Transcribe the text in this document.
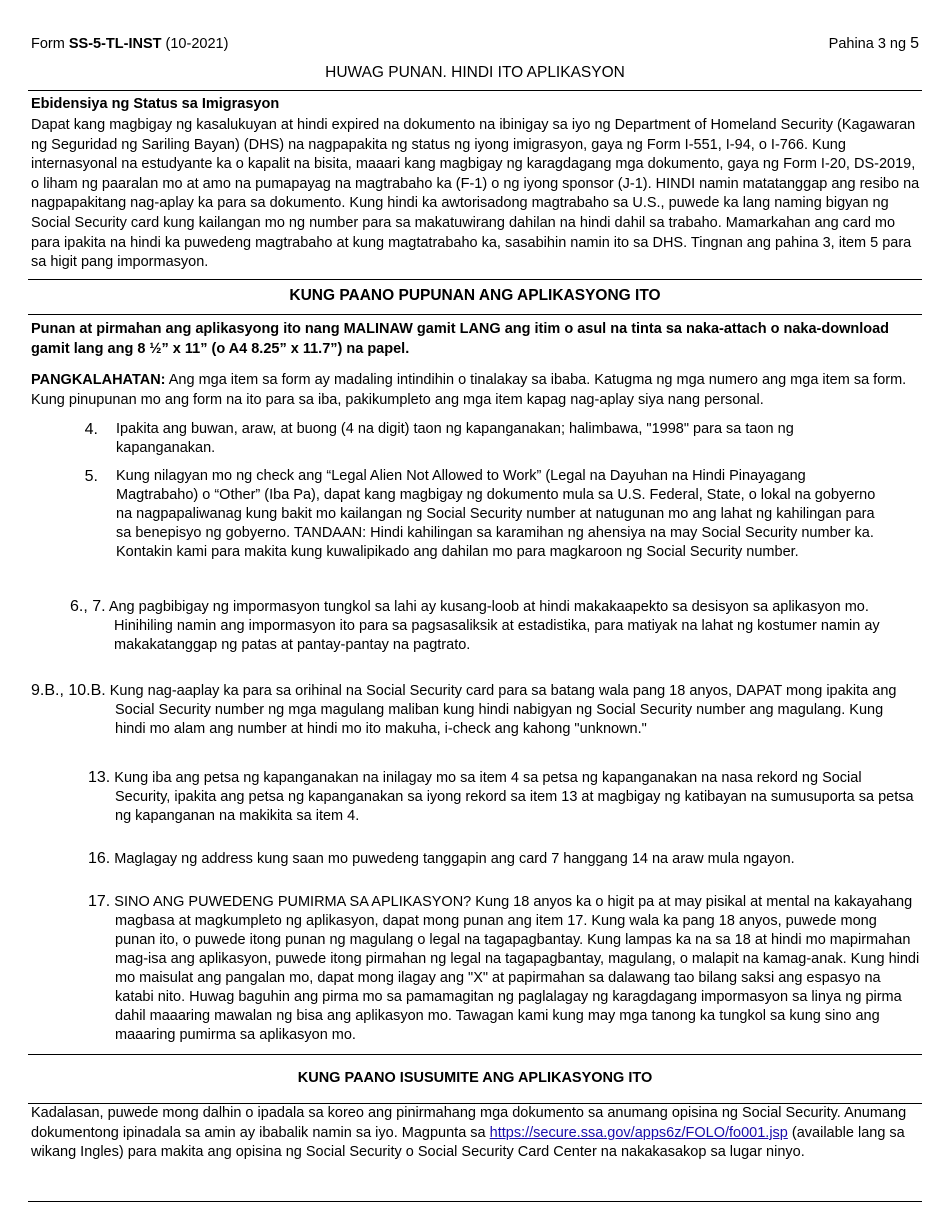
Form SS-5-TL-INST (10-2021)	Pahina 3 ng 5
HUWAG PUNAN. HINDI ITO APLIKASYON
Ebidensiya ng Status sa Imigrasyon

Dapat kang magbigay ng kasalukuyan at hindi expired na dokumento na ibinigay sa iyo ng Department of Homeland Security (Kagawaran ng Seguridad ng Sariling Bayan) (DHS) na nagpapakita ng status ng iyong imigrasyon, gaya ng Form I-551, I-94, o I-766. Kung internasyonal na estudyante ka o kapalit na bisita, maaari kang magbigay ng karagdagang mga dokumento, gaya ng Form I-20, DS-2019, o liham ng paaralan mo at amo na pumapayag na magtrabaho ka (F-1) o ng iyong sponsor (J-1). HINDI namin matatanggap ang resibo na nagpapakitang nag-aplay ka para sa dokumento. Kung hindi ka awtorisadong magtrabaho sa U.S., puwede ka lang naming bigyan ng Social Security card kung kailangan mo ng number para sa makatuwirang dahilan na hindi dahil sa trabaho. Mamarkahan ang card mo para ipakita na hindi ka puwedeng magtrabaho at kung magtatrabaho ka, sasabihin namin ito sa DHS. Tingnan ang pahina 3, item 5 para sa higit pang impormasyon.

KUNG PAANO PUPUNAN ANG APLIKASYONG ITO

Punan at pirmahan ang aplikasyong ito nang MALINAW gamit LANG ang itim o asul na tinta sa naka-attach o naka-download gamit lang ang 8 ½” x 11” (o A4 8.25” x 11.7”) na papel.

PANGKALAHATAN: Ang mga item sa form ay madaling intindihin o tinalakay sa ibaba. Katugma ng mga numero ang mga item sa form. Kung pinupunan mo ang form na ito para sa iba, pakikumpleto ang mga item kapag nag-aplay siya nang personal.

4. Ipakita ang buwan, araw, at buong (4 na digit) taon ng kapanganakan; halimbawa, "1998" para sa taon ng kapanganakan.

5. Kung nilagyan mo ng check ang “Legal Alien Not Allowed to Work” (Legal na Dayuhan na Hindi Pinayagang Magtrabaho) o “Other” (Iba Pa), dapat kang magbigay ng dokumento mula sa U.S. Federal, State, o lokal na gobyerno na nagpapaliwanag kung bakit mo kailangan ng Social Security number at natugunan mo ang lahat ng kahilingan para sa benepisyo ng gobyerno. TANDAAN: Hindi kahilingan sa karamihan ng ahensiya na may Social Security number ka. Kontakin kami para makita kung kuwalipikado ang dahilan mo para magkaroon ng Social Security number.

6., 7. Ang pagbibigay ng impormasyon tungkol sa lahi ay kusang-loob at hindi makakaapekto sa desisyon sa aplikasyon mo. Hinihiling namin ang impormasyon ito para sa pagsasaliksik at estadistika, para matiyak na lahat ng kostumer namin ay makakatanggap ng patas at pantay-pantay na pagtrato.

9.B., 10.B. Kung nag-aaplay ka para sa orihinal na Social Security card para sa batang wala pang 18 anyos, DAPAT mong ipakita ang Social Security number ng mga magulang maliban kung hindi nabigyan ng Social Security number ang magulang. Kung hindi mo alam ang number at hindi mo ito makuha, i-check ang kahong "unknown."

13. Kung iba ang petsa ng kapanganakan na inilagay mo sa item 4 sa petsa ng kapanganakan na nasa rekord ng Social Security, ipakita ang petsa ng kapanganakan sa iyong rekord sa item 13 at magbigay ng katibayan na sumusuporta sa petsa ng kapanganan na makikita sa item 4.

16. Maglagay ng address kung saan mo puwedeng tanggapin ang card 7 hanggang 14 na araw mula ngayon.

17. SINO ANG PUWEDENG PUMIRMA SA APLIKASYON? Kung 18 anyos ka o higit pa at may pisikal at mental na kakayahang magbasa at magkumpleto ng aplikasyon, dapat mong punan ang item 17. Kung wala ka pang 18 anyos, puwede mong punan ito, o puwede itong punan ng magulang o legal na tagapagbantay. Kung lampas ka na sa 18 at hindi mo mapirmahan mag-isa ang aplikasyon, puwede itong pirmahan ng legal na tagapagbantay, magulang, o malapit na kamag-anak. Kung hindi mo maisulat ang pangalan mo, dapat mong ilagay ang "X" at papirmahan sa dalawang tao bilang saksi ang espasyo na katabi nito. Huwag baguhin ang pirma mo sa pamamagitan ng paglalagay ng karagdagang impormasyon sa linya ng pirma dahil maaaring mawalan ng bisa ang aplikasyon mo. Tawagan kami kung may mga tanong ka tungkol sa kung sino ang maaaring pumirma sa aplikasyon mo.

KUNG PAANO ISUSUMITE ANG APLIKASYONG ITO

Kadalasan, puwede mong dalhin o ipadala sa koreo ang pinirmahang mga dokumento sa anumang opisina ng Social Security. Anumang dokumentong ipinadala sa amin ay ibabalik namin sa iyo. Magpunta sa https://secure.ssa.gov/apps6z/FOLO/fo001.jsp (available lang sa wikang Ingles) para makita ang opisina ng Social Security o Social Security Card Center na nakakasakop sa lugar ninyo.
